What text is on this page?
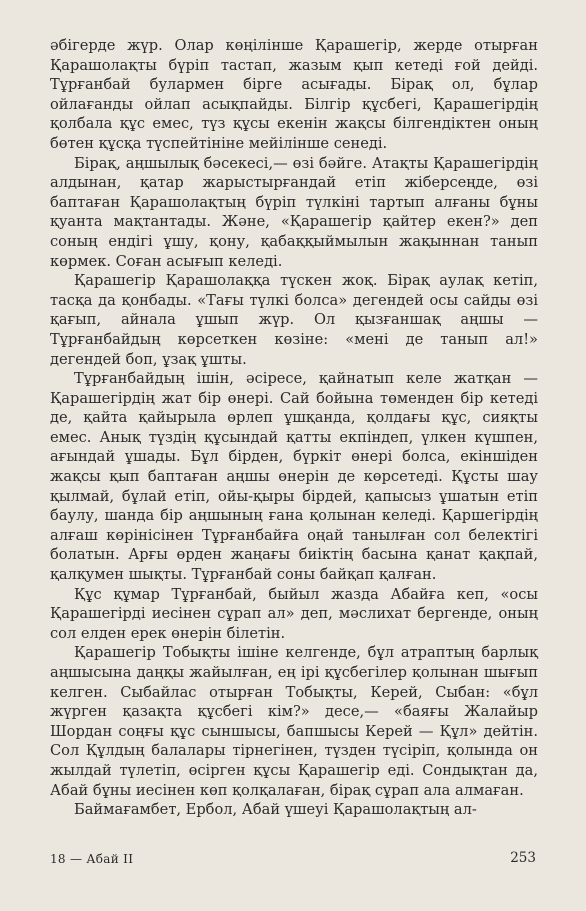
әбігерде жүр. Олар көңілінше Қарашегір, жерде отырған Қарашолақты бүріп тастап, жазым қып кетеді ғой дейді. Тұрғанбай булармен бірге асығады. Бірақ ол, бұлар ойлағанды ойлап асықпайды. Білгір құсбегі, Қарашегірдің қолбала құс емес, түз құсы екенін жақсы білгендіктен оның бөтен құсқа түспейтініне мейілінше сенеді.

Бірақ, аңшылық бәсекесі,— өзі бәйге. Атақты Қарашегірдің алдынан, қатар жарыстырғандай етіп жіберсеңде, өзі баптаған Қарашолақтың бүріп түлкіні тартып алғаны бұны қуанта мақтантады. Және, «Қарашегір қайтер екен?» деп соның ендігі ұшу, қону, қабаққыймылын жақыннан танып көрмек. Соған асығып келеді.

Қарашегір Қарашолаққа түскен жоқ. Бірақ аулақ кетіп, тасқа да қонбады. «Тағы түлкі болса» дегендей осы сайды өзі қағып, айнала ұшып жүр. Ол қызғаншақ аңшы — Тұрғанбайдың көрсеткен көзіне: «мені де танып ал!» дегендей боп, ұзақ ұшты.

Тұрғанбайдың ішін, әсіресе, қайнатып келе жатқан — Қарашегірдің жат бір өнері. Сай бойына төменден бір кетеді де, қайта қайырыла өрлеп ұшқанда, қолдағы құс, сияқты емес. Анық түздің құсындай қатты екпіндеп, үлкен күшпен, ағындай ұшады. Бұл бірден, бүркіт өнері болса, екіншіден жақсы қып баптаған аңшы өнерін де көрсетеді. Құсты шау қылмай, бұлай етіп, ойы-қыры бірдей, қапысыз ұшатын етіп баулу, шанда бір аңшының ғана қолынан келеді. Қаршегірдің алғаш көрінісінен Тұрғанбайға оңай танылған сол белектігі болатын. Арғы өрден жаңағы биіктің басына қанат қақпай, қалқумен шықты. Тұрғанбай соны байқап қалған.

Құс құмар Тұрғанбай, быйыл жазда Абайға кеп, «осы Қарашегірді иесінен сұрап ал» деп, мәслихат бергенде, оның сол елден ерек өнерін білетін.

Қарашегір Тобықты ішіне келгенде, бұл атраптың барлық аңшысына даңқы жайылған, ең ірі құсбегілер қолынан шығып келген. Сыбайлас отырған Тобықты, Керей, Сыбан: «бұл жүрген қазақта құсбегі кім?» десе,— «баяғы Жалайыр Шордан соңғы құс сыншысы, бапшысы Керей — Құл» дейтін. Сол Құлдың балалары тірнегінен, түзден түсіріп, қолында он жылдай түлетіп, өсірген құсы Қарашегір еді. Сондықтан да, Абай бұны иесінен көп қолқалаған, бірақ сұрап ала алмаған.

Баймағамбет, Ербол, Абай үшеуі Қарашолақтың ал-

18 — Абай II	253
